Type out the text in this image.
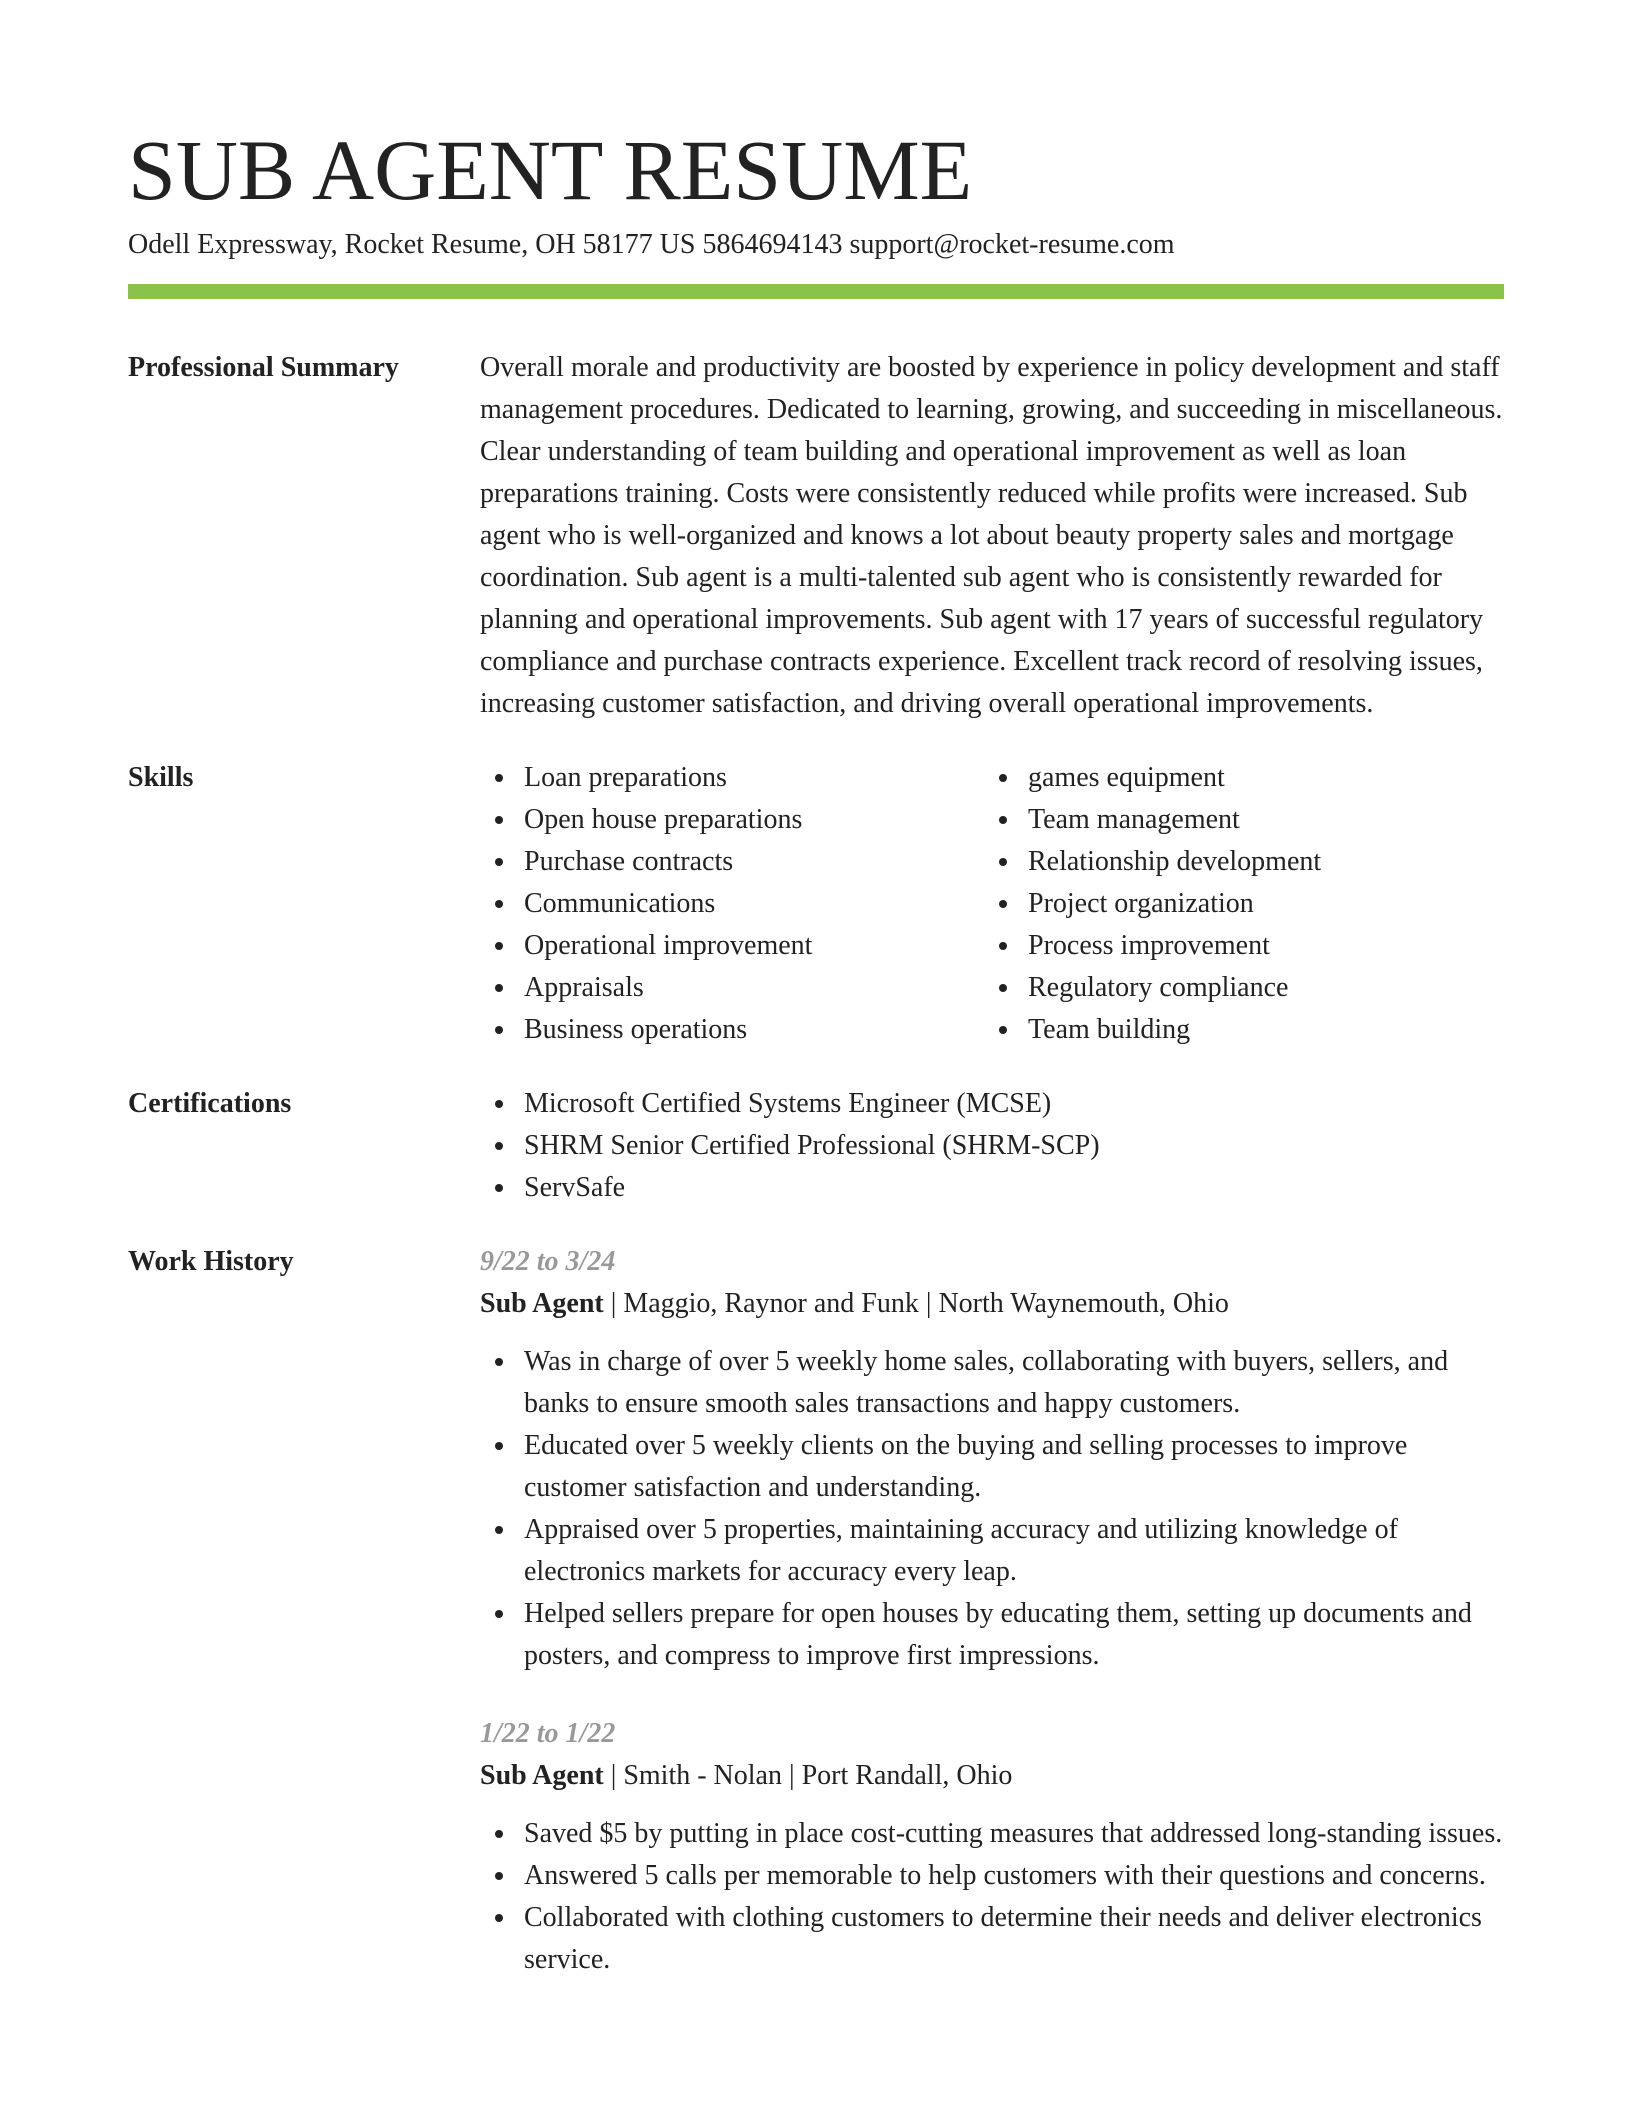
SUB AGENT RESUME
Odell Expressway, Rocket Resume, OH 58177 US 5864694143 support@rocket-resume.com
Professional Summary	Overall morale and productivity are boosted by experience in policy development and staff management procedures. Dedicated to learning, growing, and succeeding in miscellaneous. Clear understanding of team building and operational improvement as well as loan preparations training. Costs were consistently reduced while profits were increased. Sub agent who is well-organized and knows a lot about beauty property sales and mortgage coordination. Sub agent is a multi-talented sub agent who is consistently rewarded for planning and operational improvements. Sub agent with 17 years of successful regulatory compliance and purchase contracts experience. Excellent track record of resolving issues, increasing customer satisfaction, and driving overall operational improvements.
Skills	Loan preparations
Open house preparations
Purchase contracts
Communications
Operational improvement
Appraisals
Business operations
games equipment
Team management
Relationship development
Project organization
Process improvement
Regulatory compliance
Team building
Certifications	Microsoft Certified Systems Engineer (MCSE)
SHRM Senior Certified Professional (SHRM-SCP)
ServSafe
Work History	9/22 to 3/24
Sub Agent | Maggio, Raynor and Funk | North Waynemouth, Ohio
Was in charge of over 5 weekly home sales, collaborating with buyers, sellers, and banks to ensure smooth sales transactions and happy customers.
Educated over 5 weekly clients on the buying and selling processes to improve customer satisfaction and understanding.
Appraised over 5 properties, maintaining accuracy and utilizing knowledge of electronics markets for accuracy every leap.
Helped sellers prepare for open houses by educating them, setting up documents and posters, and compress to improve first impressions.
1/22 to 1/22
Sub Agent | Smith - Nolan | Port Randall, Ohio
Saved $5 by putting in place cost-cutting measures that addressed long-standing issues.
Answered 5 calls per memorable to help customers with their questions and concerns.
Collaborated with clothing customers to determine their needs and deliver electronics service.
